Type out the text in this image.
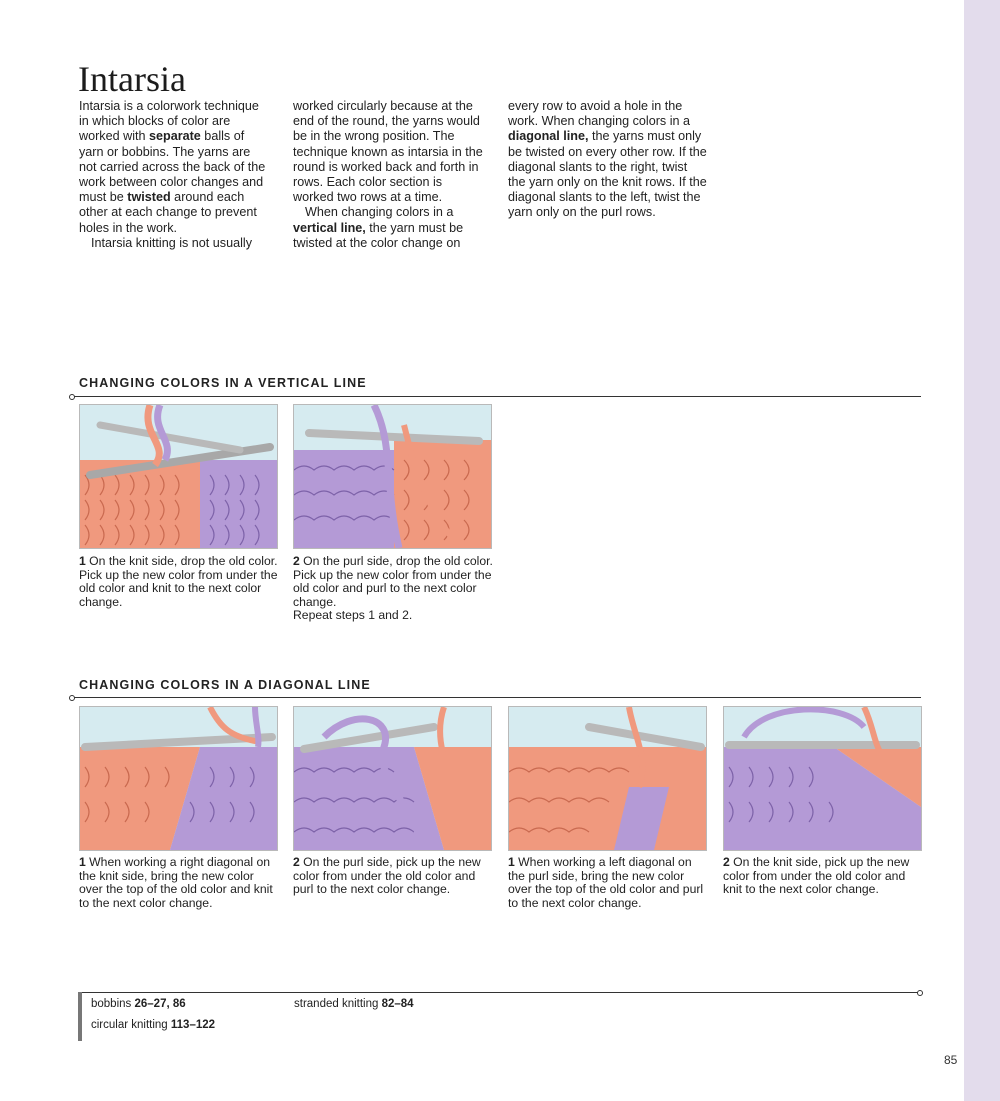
Intarsia

Intarsia is a colorwork technique in which blocks of color are worked with separate balls of yarn or bobbins. The yarns are not carried across the back of the work between color changes and must be twisted around each other at each change to prevent holes in the work.

Intarsia knitting is not usually

worked circularly because at the end of the round, the yarns would be in the wrong position. The technique known as intarsia in the round is worked back and forth in rows. Each color section is worked two rows at a time.

When changing colors in a vertical line, the yarn must be twisted at the color change on

every row to avoid a hole in the work. When changing colors in a diagonal line, the yarns must only be twisted on every other row. If the diagonal slants to the right, twist the yarn only on the knit rows. If the diagonal slants to the left, twist the yarn only on the purl rows.

CHANGING COLORS IN A VERTICAL LINE
1 On the knit side, drop the old color. Pick up the new color from under the old color and knit to the next color change.
2 On the purl side, drop the old color. Pick up the new color from under the old color and purl to the next color change.
Repeat steps 1 and 2.
CHANGING COLORS IN A DIAGONAL LINE
1 When working a right diagonal on the knit side, bring the new color over the top of the old color and knit to the next color change.
2 On the purl side, pick up the new color from under the old color and purl to the next color change.
1 When working a left diagonal on the purl side, bring the new color over the top of the old color and purl to the next color change.
2 On the knit side, pick up the new color from under the old color and knit to the next color change.
bobbins 26–27, 86
circular knitting 113–122
stranded knitting 82–84
85
